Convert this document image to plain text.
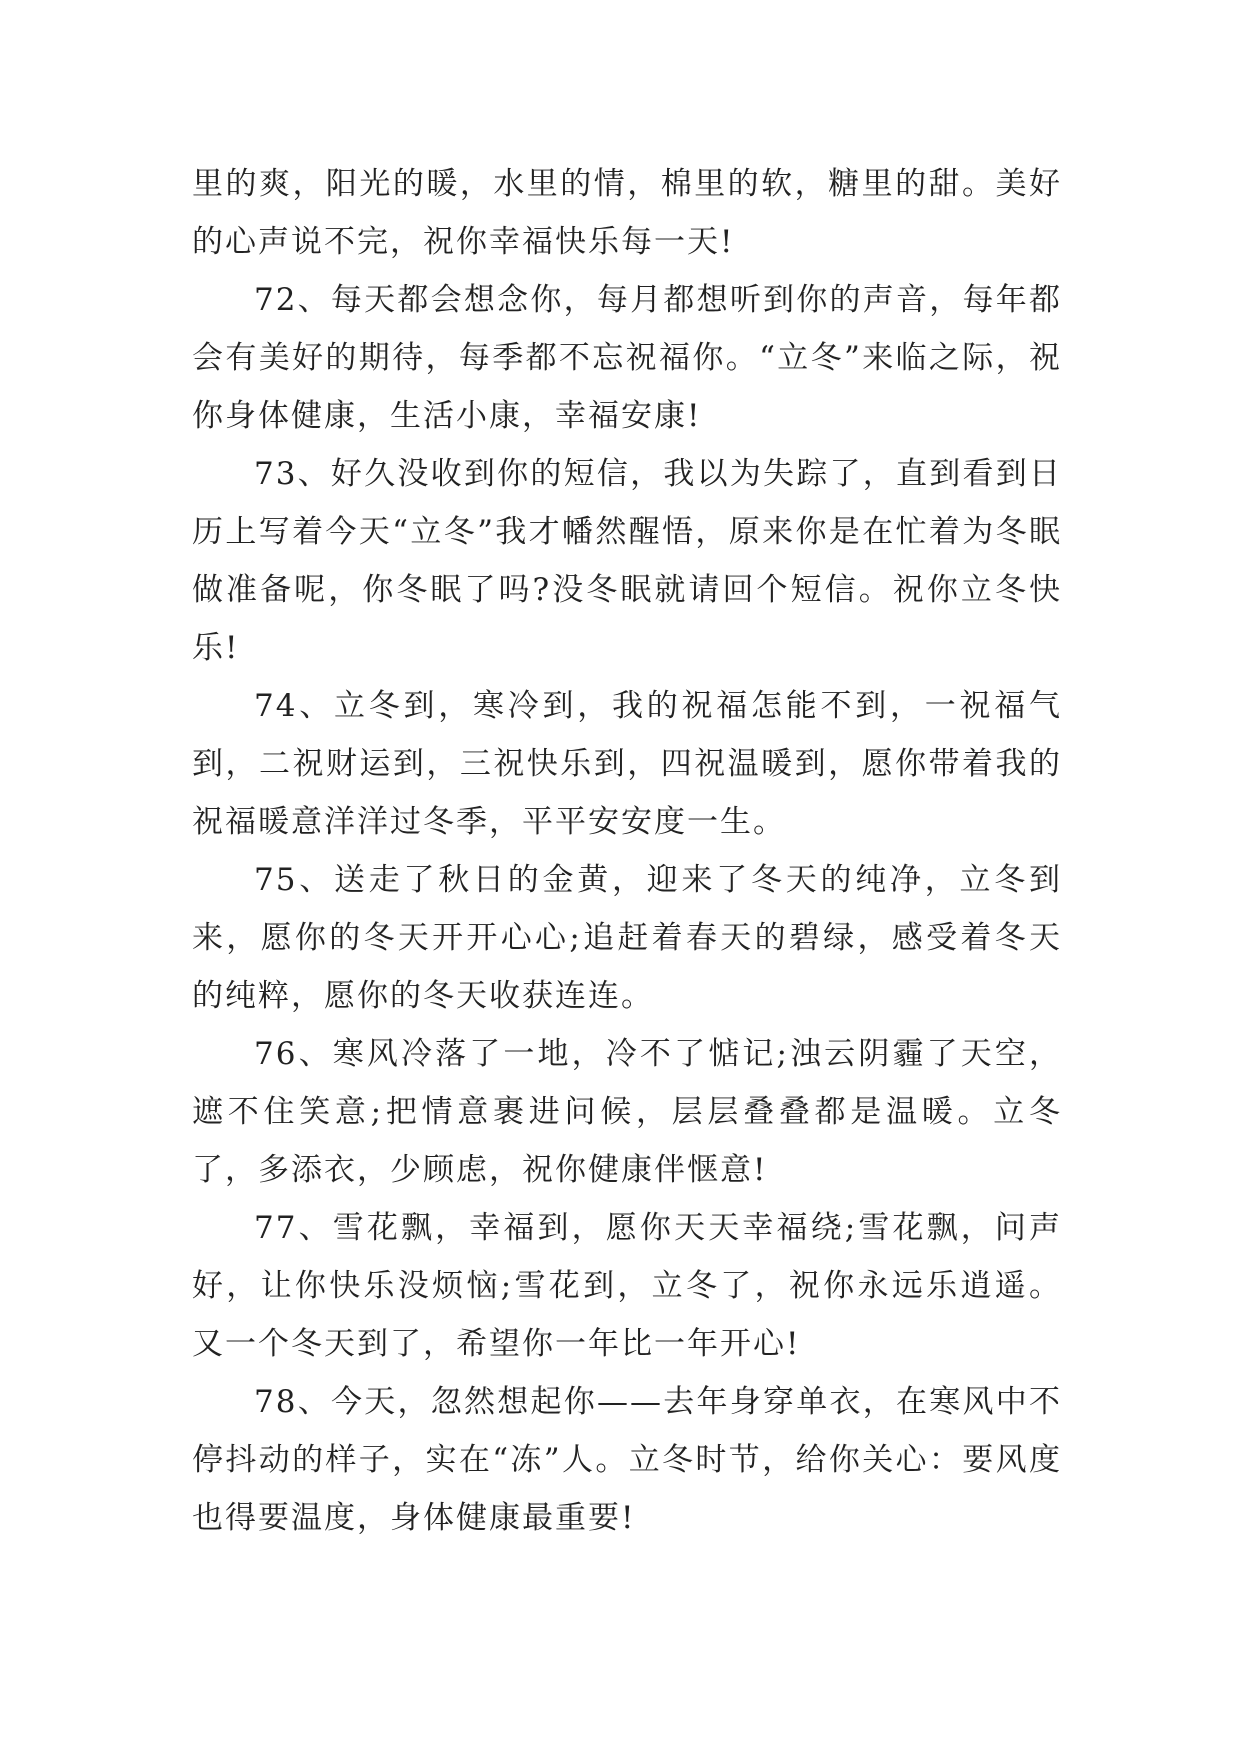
里的爽，阳光的暖，水里的情，棉里的软，糖里的甜。美好的心声说不完，祝你幸福快乐每一天!

72、每天都会想念你，每月都想听到你的声音，每年都会有美好的期待，每季都不忘祝福你。“立冬”来临之际，祝你身体健康，生活小康，幸福安康!

73、好久没收到你的短信，我以为失踪了，直到看到日历上写着今天“立冬”我才幡然醒悟，原来你是在忙着为冬眠做准备呢，你冬眠了吗?没冬眠就请回个短信。祝你立冬快乐!

74、立冬到，寒冷到，我的祝福怎能不到，一祝福气到，二祝财运到，三祝快乐到，四祝温暖到，愿你带着我的祝福暖意洋洋过冬季，平平安安度一生。

75、送走了秋日的金黄，迎来了冬天的纯净，立冬到来，愿你的冬天开开心心;追赶着春天的碧绿，感受着冬天的纯粹，愿你的冬天收获连连。

76、寒风冷落了一地，冷不了惦记;浊云阴霾了天空，遮不住笑意;把情意裹进问候，层层叠叠都是温暖。立冬了，多添衣，少顾虑，祝你健康伴惬意!

77、雪花飘，幸福到，愿你天天幸福绕;雪花飘，问声好，让你快乐没烦恼;雪花到，立冬了，祝你永远乐逍遥。又一个冬天到了，希望你一年比一年开心!

78、今天，忽然想起你——去年身穿单衣，在寒风中不停抖动的样子，实在“冻”人。立冬时节，给你关心：要风度也得要温度，身体健康最重要!
